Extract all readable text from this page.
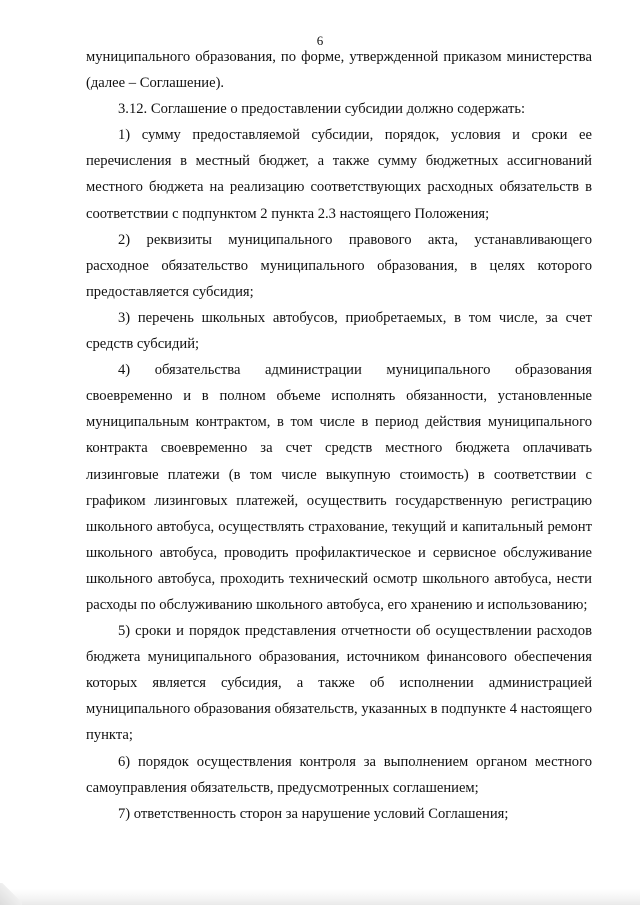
6

муниципального образования, по форме, утвержденной приказом министерства (далее – Соглашение).

3.12. Соглашение о предоставлении субсидии должно содержать:

1) сумму предоставляемой субсидии, порядок, условия и сроки ее перечисления в местный бюджет, а также сумму бюджетных ассигнований местного бюджета на реализацию соответствующих расходных обязательств в соответствии с подпунктом 2 пункта 2.3 настоящего Положения;

2) реквизиты муниципального правового акта, устанавливающего расходное обязательство муниципального образования, в целях которого предоставляется субсидия;

3) перечень школьных автобусов, приобретаемых, в том числе, за счет средств субсидий;

4) обязательства администрации муниципального образования своевременно и в полном объеме исполнять обязанности, установленные муниципальным контрактом, в том числе в период действия муниципального контракта своевременно за счет средств местного бюджета оплачивать лизинговые платежи (в том числе выкупную стоимость) в соответствии с графиком лизинговых платежей, осуществить государственную регистрацию школьного автобуса, осуществлять страхование, текущий и капитальный ремонт школьного автобуса, проводить профилактическое и сервисное обслуживание школьного автобуса, проходить технический осмотр школьного автобуса, нести расходы по обслуживанию школьного автобуса, его хранению и использованию;

5) сроки и порядок представления отчетности об осуществлении расходов бюджета муниципального образования, источником финансового обеспечения которых является субсидия, а также об исполнении администрацией муниципального образования обязательств, указанных в подпункте 4 настоящего пункта;

6) порядок осуществления контроля за выполнением органом местного самоуправления обязательств, предусмотренных соглашением;

7) ответственность сторон за нарушение условий Соглашения;
